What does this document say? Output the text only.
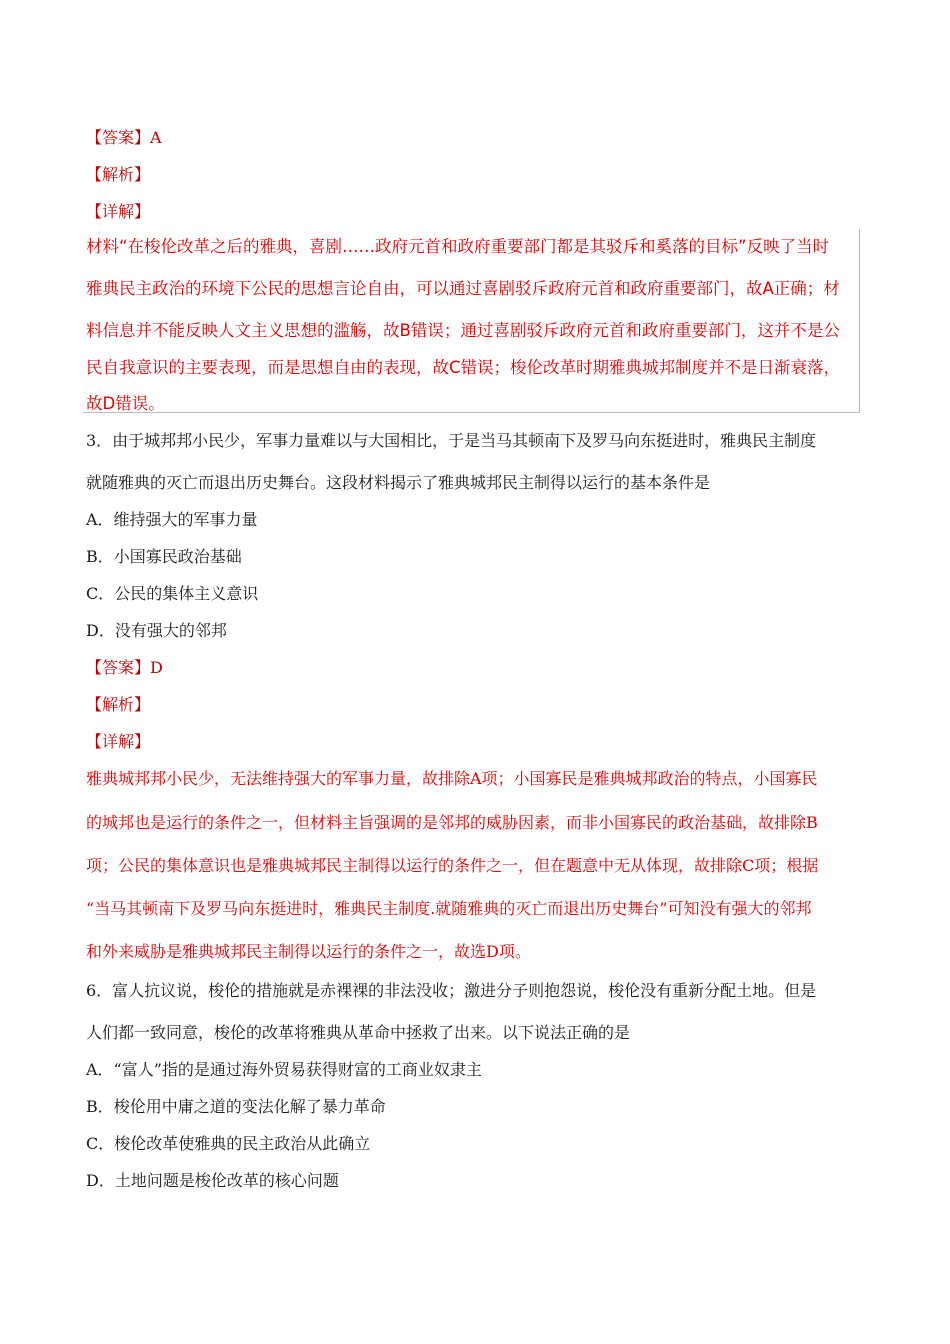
【答案】A
【解析】
【详解】
材料“在梭伦改革之后的雅典，喜剧……政府元首和政府重要部门都是其驳斥和奚落的目标”反映了当时
雅典民主政治的环境下公民的思想言论自由，可以通过喜剧驳斥政府元首和政府重要部门，故A正确；材
料信息并不能反映人文主义思想的滥觞，故B错误；通过喜剧驳斥政府元首和政府重要部门，这并不是公
民自我意识的主要表现，而是思想自由的表现，故C错误；梭伦改革时期雅典城邦制度并不是日渐衰落，
故D错误。
3．由于城邦邦小民少，军事力量难以与大国相比，于是当马其顿南下及罗马向东挺进时，雅典民主制度
就随雅典的灭亡而退出历史舞台。这段材料揭示了雅典城邦民主制得以运行的基本条件是
A．维持强大的军事力量
B．小国寡民政治基础
C．公民的集体主义意识
D．没有强大的邻邦
【答案】D
【解析】
【详解】
雅典城邦邦小民少，无法维持强大的军事力量，故排除A项；小国寡民是雅典城邦政治的特点，小国寡民
的城邦也是运行的条件之一，但材料主旨强调的是邻邦的威胁因素，而非小国寡民的政治基础，故排除B
项；公民的集体意识也是雅典城邦民主制得以运行的条件之一，但在题意中无从体现，故排除C项；根据
“当马其顿南下及罗马向东挺进时，雅典民主制度.就随雅典的灭亡而退出历史舞台”可知没有强大的邻邦
和外来威胁是雅典城邦民主制得以运行的条件之一，故选D项。
6．富人抗议说，梭伦的措施就是赤裸裸的非法没收；激进分子则抱怨说，梭伦没有重新分配土地。但是
人们都一致同意，梭伦的改革将雅典从革命中拯救了出来。以下说法正确的是
A．“富人”指的是通过海外贸易获得财富的工商业奴隶主
B．梭伦用中庸之道的变法化解了暴力革命
C．梭伦改革使雅典的民主政治从此确立
D．土地问题是梭伦改革的核心问题
